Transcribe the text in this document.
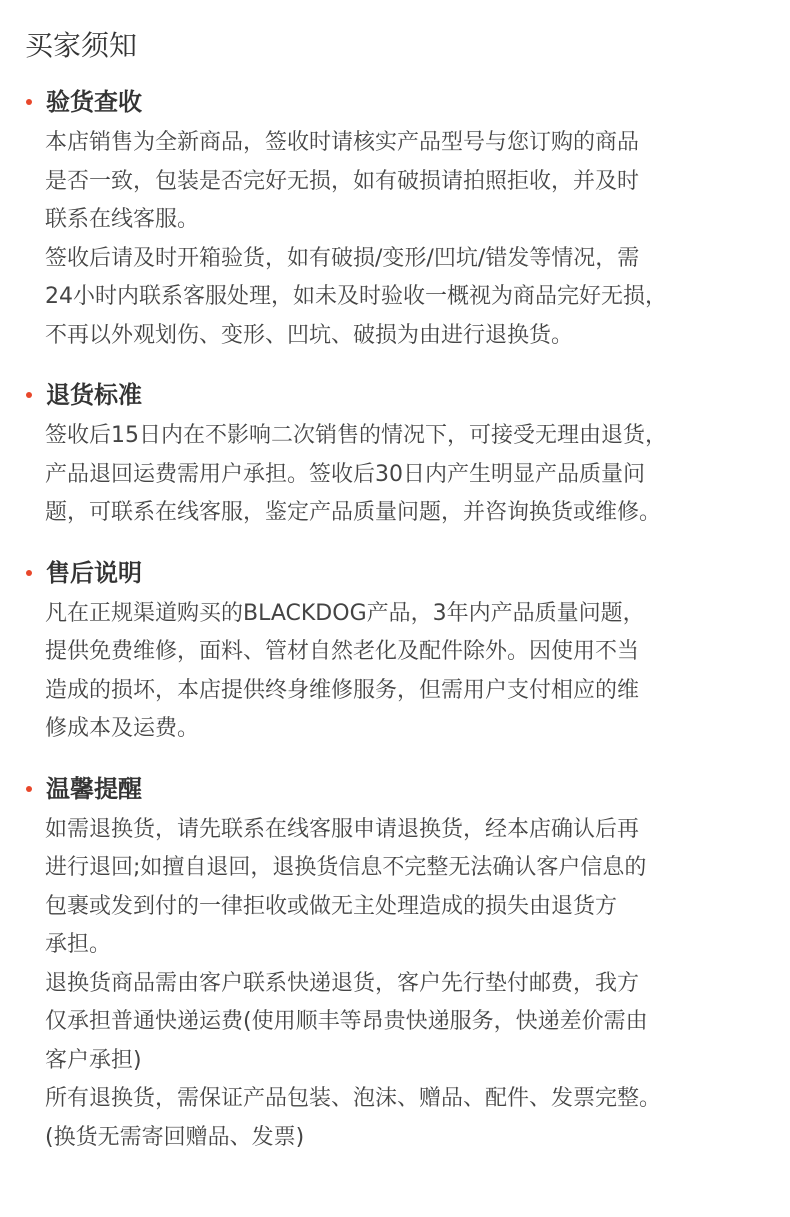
买家须知
验货查收

本店销售为全新商品，签收时请核实产品型号与您订购的商品
是否一致，包装是否完好无损，如有破损请拍照拒收，并及时
联系在线客服。

签收后请及时开箱验货，如有破损/变形/凹坑/错发等情况，需
24小时内联系客服处理，如未及时验收一概视为商品完好无损，
不再以外观划伤、变形、凹坑、破损为由进行退换货。

退货标准

签收后15日内在不影响二次销售的情况下，可接受无理由退货，
产品退回运费需用户承担。签收后30日内产生明显产品质量问
题，可联系在线客服，鉴定产品质量问题，并咨询换货或维修。

售后说明

凡在正规渠道购买的BLACKDOG产品，3年内产品质量问题，
提供免费维修，面料、管材自然老化及配件除外。因使用不当
造成的损坏，本店提供终身维修服务，但需用户支付相应的维
修成本及运费。

温馨提醒

如需退换货，请先联系在线客服申请退换货，经本店确认后再
进行退回;如擅自退回，退换货信息不完整无法确认客户信息的
包裹或发到付的一律拒收或做无主处理造成的损失由退货方
承担。

退换货商品需由客户联系快递退货，客户先行垫付邮费，我方
仅承担普通快递运费(使用顺丰等昂贵快递服务，快递差价需由
客户承担)

所有退换货，需保证产品包装、泡沫、赠品、配件、发票完整。
(换货无需寄回赠品、发票)
